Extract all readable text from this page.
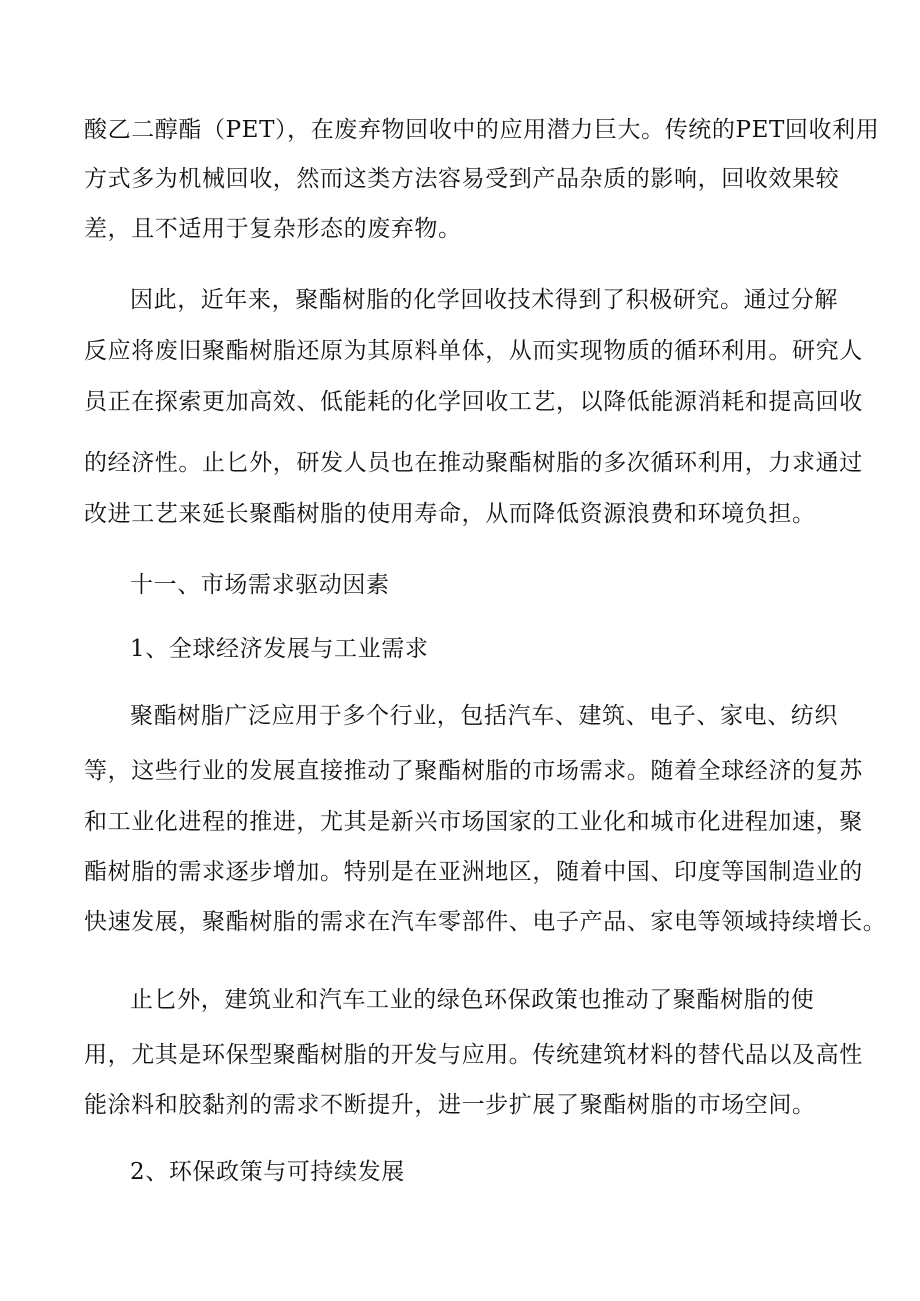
酸乙二醇酯（PET），在废弃物回收中的应用潜力巨大。传统的PET回收利用
方式多为机械回收，然而这类方法容易受到产品杂质的影响，回收效果较
差，且不适用于复杂形态的废弃物。
因此，近年来，聚酯树脂的化学回收技术得到了积极研究。通过分解
反应将废旧聚酯树脂还原为其原料单体，从而实现物质的循环利用。研究人
员正在探索更加高效、低能耗的化学回收工艺，以降低能源消耗和提高回收
的经济性。止匕外，研发人员也在推动聚酯树脂的多次循环利用，力求通过
改进工艺来延长聚酯树脂的使用寿命，从而降低资源浪费和环境负担。
十一、市场需求驱动因素
1、全球经济发展与工业需求
聚酯树脂广泛应用于多个行业，包括汽车、建筑、电子、家电、纺织
等，这些行业的发展直接推动了聚酯树脂的市场需求。随着全球经济的复苏
和工业化进程的推进，尤其是新兴市场国家的工业化和城市化进程加速，聚
酯树脂的需求逐步增加。特别是在亚洲地区，随着中国、印度等国制造业的
快速发展，聚酯树脂的需求在汽车零部件、电子产品、家电等领域持续增长。
止匕外，建筑业和汽车工业的绿色环保政策也推动了聚酯树脂的使
用，尤其是环保型聚酯树脂的开发与应用。传统建筑材料的替代品以及高性
能涂料和胶黏剂的需求不断提升，进一步扩展了聚酯树脂的市场空间。
2、环保政策与可持续发展
